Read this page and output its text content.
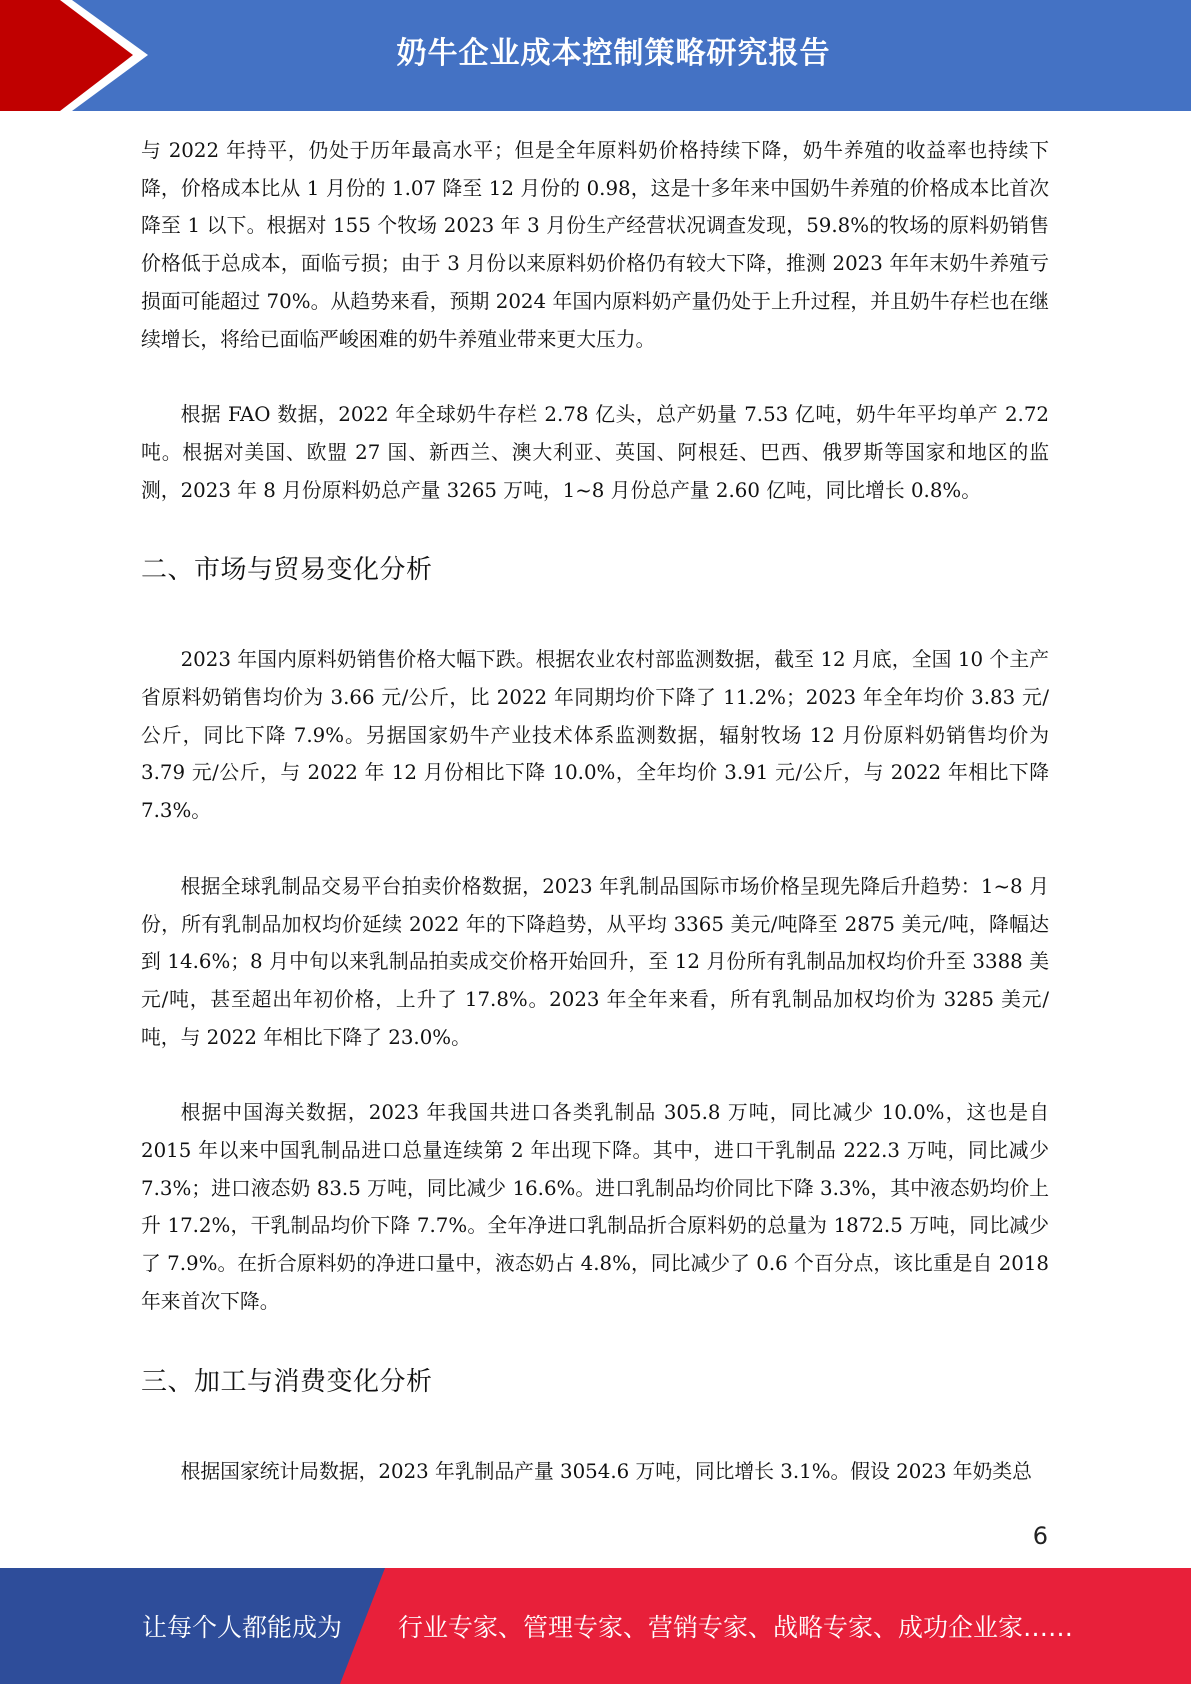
奶牛企业成本控制策略研究报告

与 2022 年持平，仍处于历年最高水平；但是全年原料奶价格持续下降，奶牛养殖的收益率也持续下降，价格成本比从 1 月份的 1.07 降至 12 月份的 0.98，这是十多年来中国奶牛养殖的价格成本比首次降至 1 以下。根据对 155 个牧场 2023 年 3 月份生产经营状况调查发现，59.8%的牧场的原料奶销售价格低于总成本，面临亏损；由于 3 月份以来原料奶价格仍有较大下降，推测 2023 年年末奶牛养殖亏损面可能超过 70%。从趋势来看，预期 2024 年国内原料奶产量仍处于上升过程，并且奶牛存栏也在继续增长，将给已面临严峻困难的奶牛养殖业带来更大压力。

根据 FAO 数据，2022 年全球奶牛存栏 2.78 亿头，总产奶量 7.53 亿吨，奶牛年平均单产 2.72 吨。根据对美国、欧盟 27 国、新西兰、澳大利亚、英国、阿根廷、巴西、俄罗斯等国家和地区的监测，2023 年 8 月份原料奶总产量 3265 万吨，1~8 月份总产量 2.60 亿吨，同比增长 0.8%。

二、市场与贸易变化分析

2023 年国内原料奶销售价格大幅下跌。根据农业农村部监测数据，截至 12 月底，全国 10 个主产省原料奶销售均价为 3.66 元/公斤，比 2022 年同期均价下降了 11.2%；2023 年全年均价 3.83 元/公斤，同比下降 7.9%。另据国家奶牛产业技术体系监测数据，辐射牧场 12 月份原料奶销售均价为 3.79 元/公斤，与 2022 年 12 月份相比下降 10.0%，全年均价 3.91 元/公斤，与 2022 年相比下降 7.3%。

根据全球乳制品交易平台拍卖价格数据，2023 年乳制品国际市场价格呈现先降后升趋势：1~8 月份，所有乳制品加权均价延续 2022 年的下降趋势，从平均 3365 美元/吨降至 2875 美元/吨，降幅达到 14.6%；8 月中旬以来乳制品拍卖成交价格开始回升，至 12 月份所有乳制品加权均价升至 3388 美元/吨，甚至超出年初价格，上升了 17.8%。2023 年全年来看，所有乳制品加权均价为 3285 美元/吨，与 2022 年相比下降了 23.0%。

根据中国海关数据，2023 年我国共进口各类乳制品 305.8 万吨，同比减少 10.0%，这也是自 2015 年以来中国乳制品进口总量连续第 2 年出现下降。其中，进口干乳制品 222.3 万吨，同比减少 7.3%；进口液态奶 83.5 万吨，同比减少 16.6%。进口乳制品均价同比下降 3.3%，其中液态奶均价上升 17.2%，干乳制品均价下降 7.7%。全年净进口乳制品折合原料奶的总量为 1872.5 万吨，同比减少了 7.9%。在折合原料奶的净进口量中，液态奶占 4.8%，同比减少了 0.6 个百分点，该比重是自 2018 年来首次下降。

三、加工与消费变化分析

根据国家统计局数据，2023 年乳制品产量 3054.6 万吨，同比增长 3.1%。假设 2023 年奶类总

6
让每个人都能成为 行业专家、管理专家、营销专家、战略专家、成功企业家……
